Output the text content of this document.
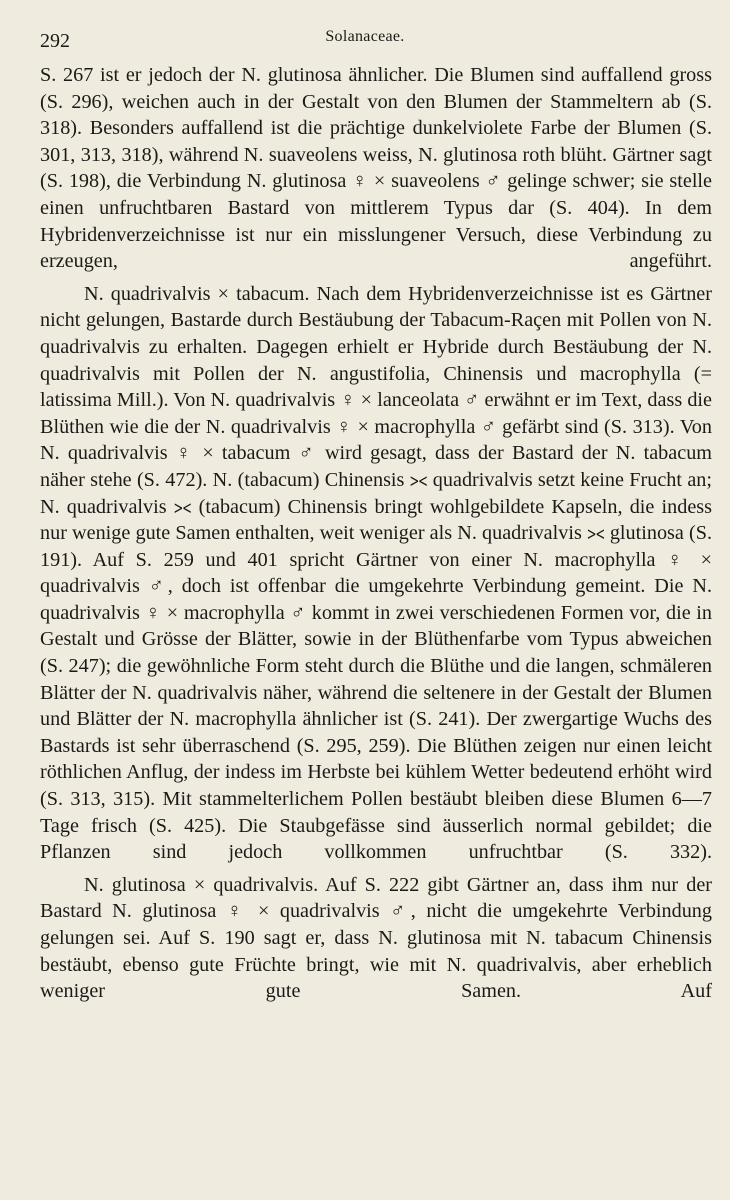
292	Solanaceae.

S. 267 ist er jedoch der N. glutinosa ähnlicher. Die Blumen sind auffallend gross (S. 296), weichen auch in der Gestalt von den Blumen der Stammeltern ab (S. 318). Besonders auffallend ist die prächtige dunkelviolete Farbe der Blumen (S. 301, 313, 318), während N. suaveolens weiss, N. glutinosa roth blüht. Gärtner sagt (S. 198), die Verbindung N. glutinosa ♀ × suaveolens ♂ gelinge schwer; sie stelle einen unfruchtbaren Bastard von mittlerem Typus dar (S. 404). In dem Hybridenverzeichnisse ist nur ein misslungener Versuch, diese Verbindung zu erzeugen, angeführt.

N. quadrivalvis × tabacum. Nach dem Hybridenverzeichnisse ist es Gärtner nicht gelungen, Bastarde durch Bestäubung der Tabacum-Raçen mit Pollen von N. quadrivalvis zu erhalten. Dagegen erhielt er Hybride durch Bestäubung der N. quadrivalvis mit Pollen der N. angustifolia, Chinensis und macrophylla (= latissima Mill.). Von N. quadrivalvis ♀ × lanceolata ♂ erwähnt er im Text, dass die Blüthen wie die der N. quadrivalvis ♀ × macrophylla ♂ gefärbt sind (S. 313). Von N. quadrivalvis ♀ × tabacum ♂ wird gesagt, dass der Bastard der N. tabacum näher stehe (S. 472). N. (tabacum) Chinensis ⪥ quadrivalvis setzt keine Frucht an; N. quadrivalvis ⪥ (tabacum) Chinensis bringt wohlgebildete Kapseln, die indess nur wenige gute Samen enthalten, weit weniger als N. quadrivalvis ⪥ glutinosa (S. 191). Auf S. 259 und 401 spricht Gärtner von einer N. macrophylla ♀ × quadrivalvis ♂, doch ist offenbar die umgekehrte Verbindung gemeint. Die N. quadrivalvis ♀ × macrophylla ♂ kommt in zwei verschiedenen Formen vor, die in Gestalt und Grösse der Blätter, sowie in der Blüthenfarbe vom Typus abweichen (S. 247); die gewöhnliche Form steht durch die Blüthe und die langen, schmäleren Blätter der N. quadrivalvis näher, während die seltenere in der Gestalt der Blumen und Blätter der N. macrophylla ähnlicher ist (S. 241). Der zwergartige Wuchs des Bastards ist sehr überraschend (S. 295, 259). Die Blüthen zeigen nur einen leicht röthlichen Anflug, der indess im Herbste bei kühlem Wetter bedeutend erhöht wird (S. 313, 315). Mit stammelterlichem Pollen bestäubt bleiben diese Blumen 6—7 Tage frisch (S. 425). Die Staubgefässe sind äusserlich normal gebildet; die Pflanzen sind jedoch vollkommen unfruchtbar (S. 332).

N. glutinosa × quadrivalvis. Auf S. 222 gibt Gärtner an, dass ihm nur der Bastard N. glutinosa ♀ × quadrivalvis ♂, nicht die umgekehrte Verbindung gelungen sei. Auf S. 190 sagt er, dass N. glutinosa mit N. tabacum Chinensis bestäubt, ebenso gute Früchte bringt, wie mit N. quadrivalvis, aber erheblich weniger gute Samen. Auf
